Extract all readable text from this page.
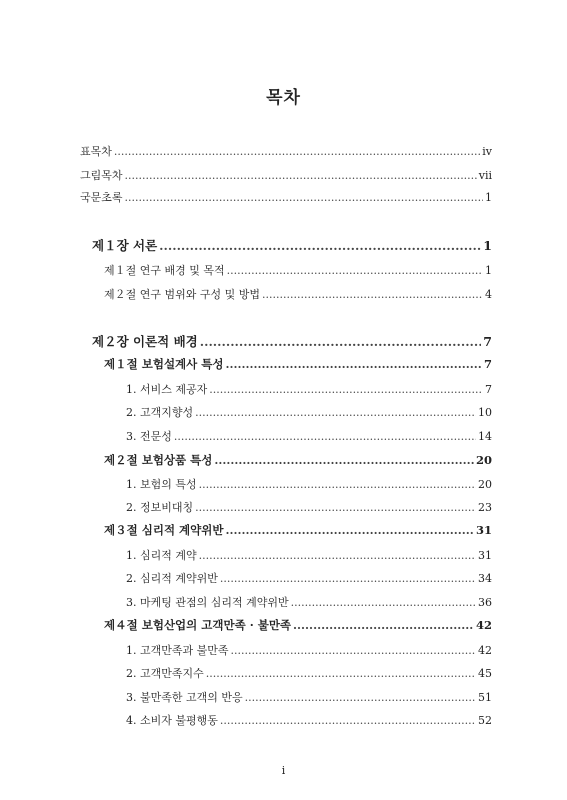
목차
표목차 .....	iv
그림목차 .....	vii
국문초록 .....	1
제１장 서론 .....	1
제１절 연구 배경 및 목적 .....	1
제２절 연구 범위와 구성 및 방법 .....	4
제２장 이론적 배경 .....	7
제１절 보험설계사 특성 .....	7
1. 서비스 제공자 .....	7
2. 고객지향성 .....	10
3. 전문성 .....	14
제２절 보험상품 특성 .....	20
1. 보험의 특성 .....	20
2. 정보비대칭 .....	23
제３절 심리적 계약위반 .....	31
1. 심리적 계약 .....	31
2. 심리적 계약위반 .....	34
3. 마케팅 관점의 심리적 계약위반 .....	36
제４절 보험산업의 고객만족 · 불만족 .....	42
1. 고객만족과 불만족 .....	42
2. 고객만족지수 .....	45
3. 불만족한 고객의 반응 .....	51
4. 소비자 불평행동 .....	52
i
